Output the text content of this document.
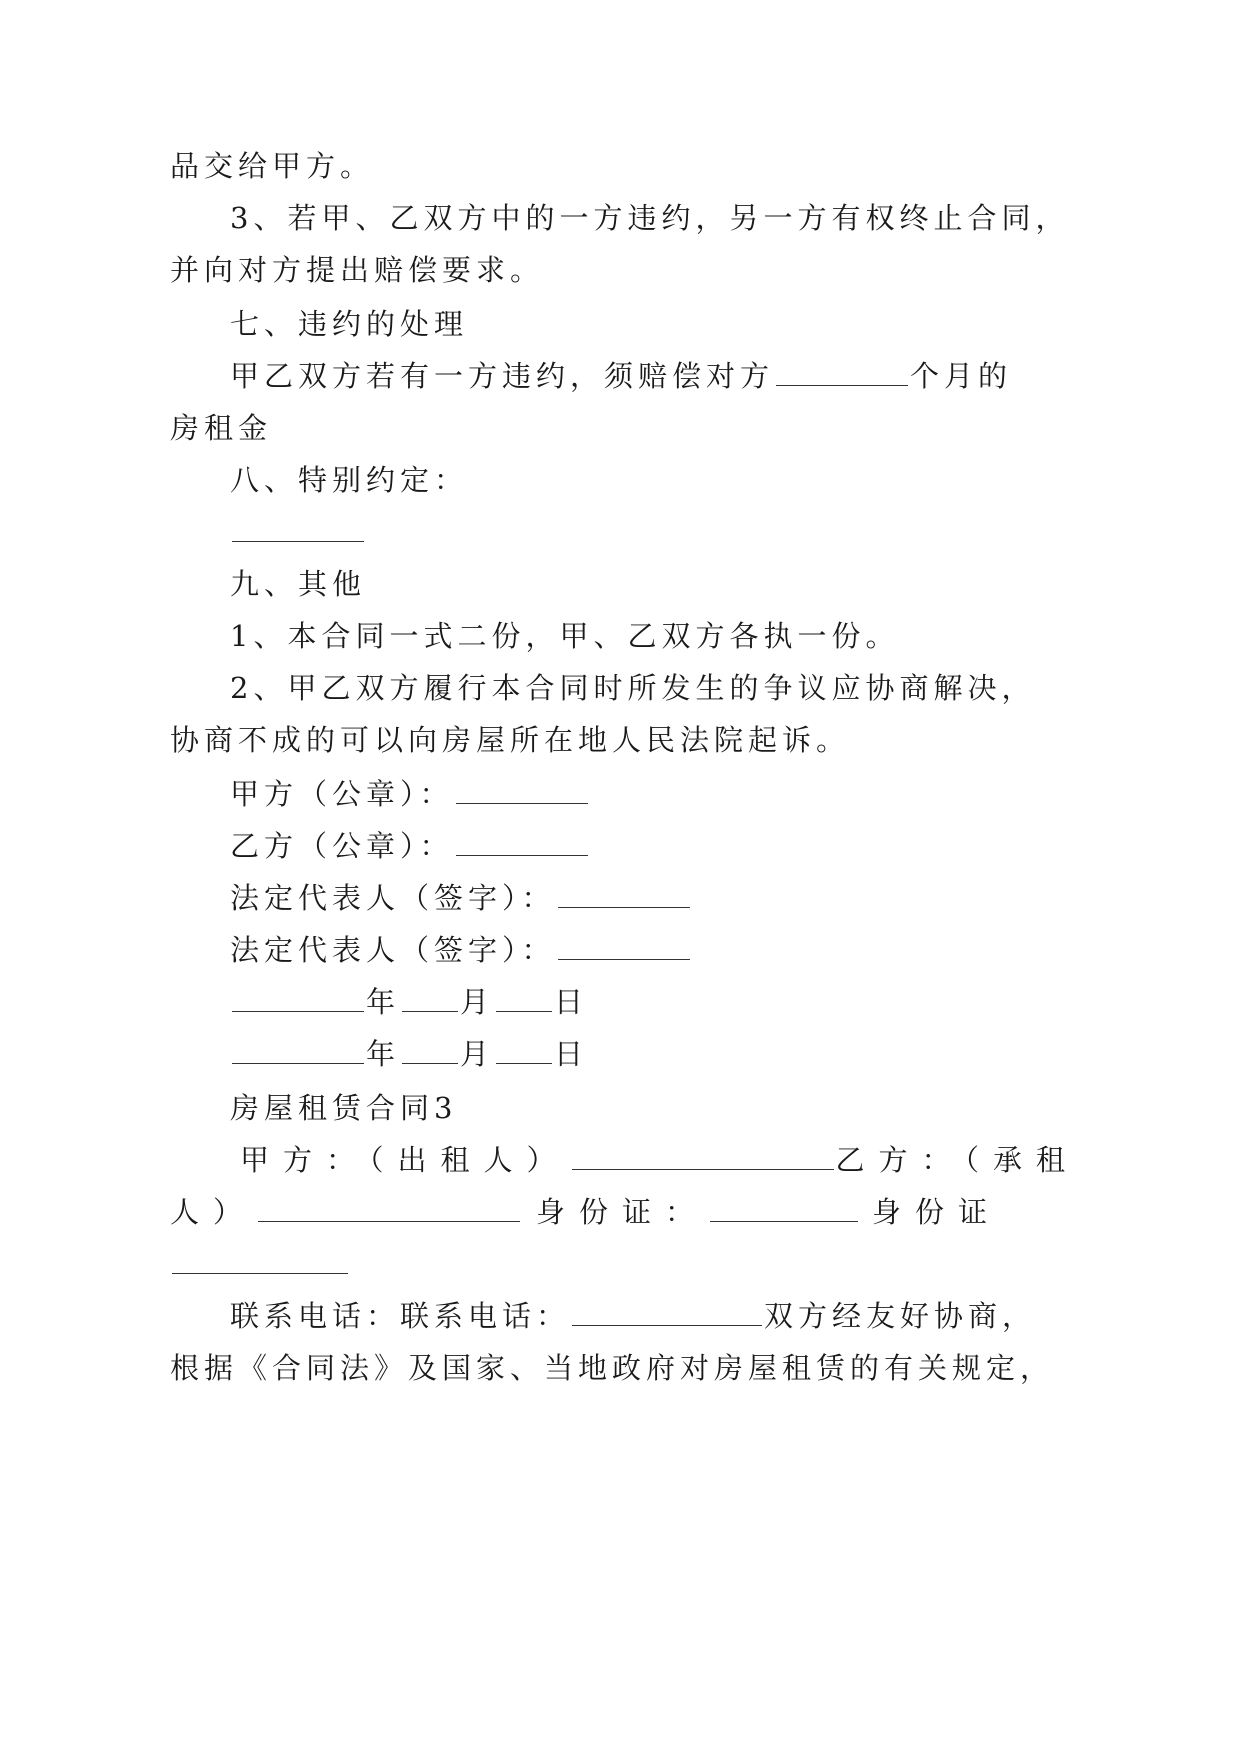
品交给甲方。
3、若甲、乙双方中的一方违约，另一方有权终止合同，
并向对方提出赔偿要求。
七、违约的处理
甲乙双方若有一方违约，须赔偿对方	个月的
房租金
八、特别约定：
九、其他
1、本合同一式二份，甲、乙双方各执一份。
2、甲乙双方履行本合同时所发生的争议应协商解决，
协商不成的可以向房屋所在地人民法院起诉。
甲方（公章）：
乙方（公章）：
法定代表人（签字）：
法定代表人（签字）：
年 月 日
年 月 日
房屋租赁合同3
甲方：（出租人）	乙方：（承租
人）	身份证：	身份证
联系电话：联系电话：	双方经友好协商，
根据《合同法》及国家、当地政府对房屋租赁的有关规定，
